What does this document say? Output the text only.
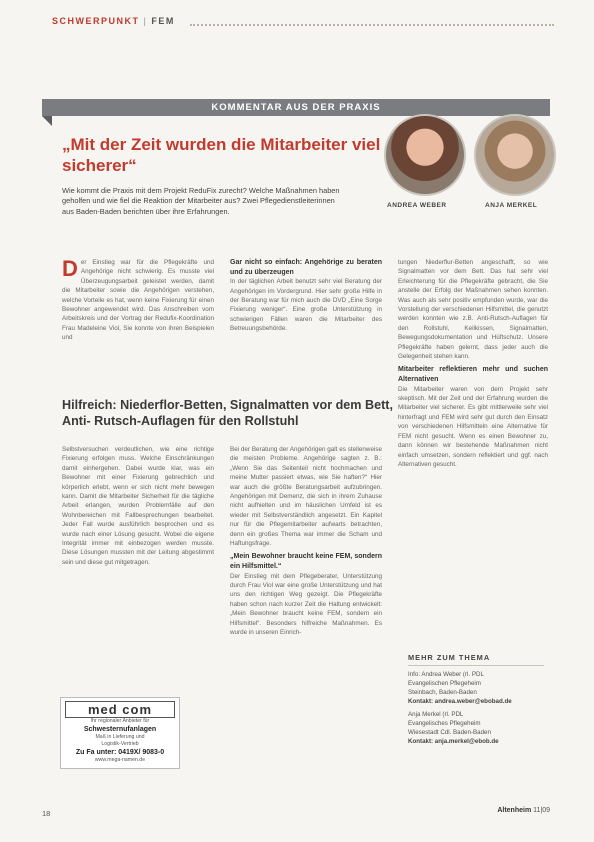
SCHWERPUNKT | FEM
KOMMENTAR AUS DER PRAXIS
„Mit der Zeit wurden die Mitarbeiter viel sicherer“
Wie kommt die Praxis mit dem Projekt ReduFix zurecht? Welche Maßnahmen haben geholfen und wie fiel die Reaktion der Mitarbeiter aus? Zwei Pflegedienstleiterinnen aus Baden-Baden berichten über ihre Erfahrungen.
ANDREA WEBER	ANJA MERKEL
D er Einstieg war für die Pflegekräfte und Angehörige nicht schwierig. Es musste viel Überzeugungsarbeit geleistet werden, damit die Mitarbeiter sowie die Angehörigen verstehen, welche Vorteile es hat, wenn keine Fixierung für einen Bewohner angewendet wird. Das Anschreiben vom Arbeitskreis und der Vortrag der Redufix-Koordination Frau Madeleine Viol, Sie konnte von ihren Beispielen und

Gar nicht so einfach: Angehörige zu beraten und zu überzeugen

In der täglichen Arbeit benutzt sehr viel Beratung der Angehörigen im Vordergrund. Hier sehr große Hilfe in der Beratung war für mich auch die DVD „Eine Sorge Fixierung weniger“. Eine große Unterstützung in schwierigen Fällen waren die Mitarbeiter des Betreuungsbehörde.

tungen Niederflur-Betten angeschafft, so wie Signalmatten vor dem Bett. Das hat sehr viel Erleichterung für die Pflegekräfte gebracht, die Sie anstelle der Erfolg der Maßnahmen sehen konnten. Was auch als sehr positiv empfunden wurde, war die Vorstellung der verschiedenen Hilfsmittel, die genutzt werden konnten wie z.B. Anti-Rutsch-Auflagen für den Rollstuhl, Keilkissen, Signalmatten, Bewegungsdokumentation und Hüftschutz. Unsere Pflegekräfte haben gelernt, dass jeder auch die Gelegenheit stehen kann.

Mitarbeiter reflektieren mehr und suchen Alternativen

Die Mitarbeiter waren von dem Projekt sehr skeptisch. Mit der Zeit und der Erfahrung wurden die Mitarbeiter viel sicherer. Es gibt mittlerweile sehr viel hinterfragt und FEM wird sehr gut durch den Einsatz von verschiedenen Hilfsmitteln eine Alternative für FEM nicht gesucht. Wenn es einen Bewohner zu, dann können wir bestehende Maßnahmen nicht einfach umsetzen, sondern reflektiert und ggf. nach Alternativen gesucht.

Hilfreich: Niederflor-Betten, Signalmatten vor dem Bett, Anti- Rutsch-Auflagen für den Rollstuhl

Selbstversuchen verdeutlichen, wie eine richtige Fixierung erfolgen muss. Welche Einschränkungen damit einhergehen. Dabei wurde klar, was ein Bewohner mit einer Fixierung gebrechlich und körperlich erlebt, wenn er sich nicht mehr bewegen kann. Damit die Mitarbeiter Sicherheit für die tägliche Arbeit erlangen, wurden Problemfälle auf den Wohnbereichen mit Fallbesprechungen bearbeitet. Jeder Fall wurde ausführlich besprochen und es wurde nach einer Lösung gesucht. Wobei die eigene Integrität immer mit einbezogen werden musste. Diese Lösungen mussten mit der Leitung abgestimmt sein und diese gut mitgetragen.

Bei der Beratung der Angehörigen galt es stellenweise die meisten Probleme. Angehörige sagten z. B.: „Wenn Sie das Seitenteil nicht hochmachen und meine Mutter passiert etwas, wie Sie haften?“ Hier war auch die größte Beratungsarbeit aufzubringen. Angehörigen mit Demenz, die sich in ihrem Zuhause nicht aufhielten und im häuslichen Umfeld ist es wieder mit Selbstverständlich angesetzt. Ein Kapitel nur für die Pflegemitarbeiter aufwarts betrachten, denn ein großes Thema war immer die Scham und Haftungsfrage.

„Mein Bewohner braucht keine FEM, sondern ein Hilfsmittel.“

Der Einstieg mit dem Pflegeberater, Unterstützung durch Frau Viol war eine große Unterstützung und hat uns den richtigen Weg gezeigt. Die Pflegekräfte haben schon nach kurzer Zeit die Haltung entwickelt: „Mein Bewohner braucht keine FEM, sondern ein Hilfsmittel“. Besonders hilfreiche Maßnahmen. Es wurde in unseren Einrich-

MEHR ZUM THEMA
Info: Andrea Weber (rl. PDL
Evangelischen Pflegeheim
Steinbach, Baden-Baden
Kontakt: andrea.weber@ebobad.de
Anja Merkel (rl. PDL
Evangelisches Pflegeheim
Wiesestadt Cdl. Baden-Baden
Kontakt: anja.merkel@ebob.de
med com
Ihr regionaler Anbieter für
Schwesternufanlagen
Maß in Lieferung und
Logistik-Vertrieb
Zu Fa unter: 0419X/ 9083-0
www.mega-namen.de
18	Altenheim 11|09
